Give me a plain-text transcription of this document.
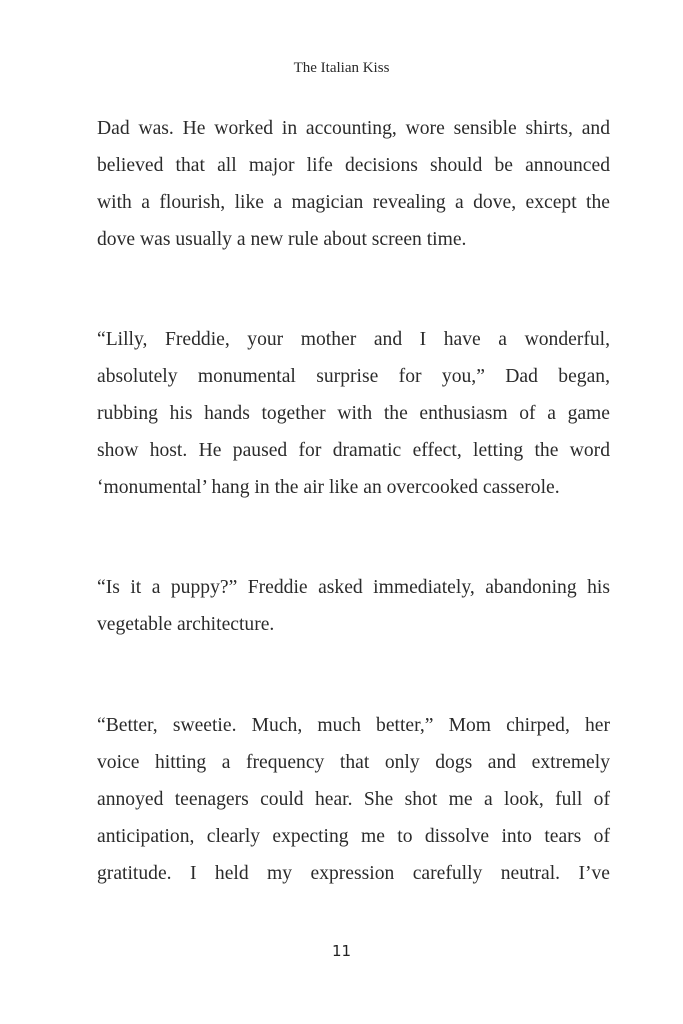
The Italian Kiss
Dad was. He worked in accounting, wore sensible shirts, and
believed that all major life decisions should be announced
with a flourish, like a magician revealing a dove, except the
dove was usually a new rule about screen time.
“Lilly, Freddie, your mother and I have a wonderful,
absolutely monumental surprise for you,” Dad began,
rubbing his hands together with the enthusiasm of a game
show host. He paused for dramatic effect, letting the word
‘monumental’ hang in the air like an overcooked casserole.
“Is it a puppy?” Freddie asked immediately, abandoning his
vegetable architecture.
“Better, sweetie. Much, much better,” Mom chirped, her
voice hitting a frequency that only dogs and extremely
annoyed teenagers could hear. She shot me a look, full of
anticipation, clearly expecting me to dissolve into tears of
gratitude. I held my expression carefully neutral. I’ve
11
